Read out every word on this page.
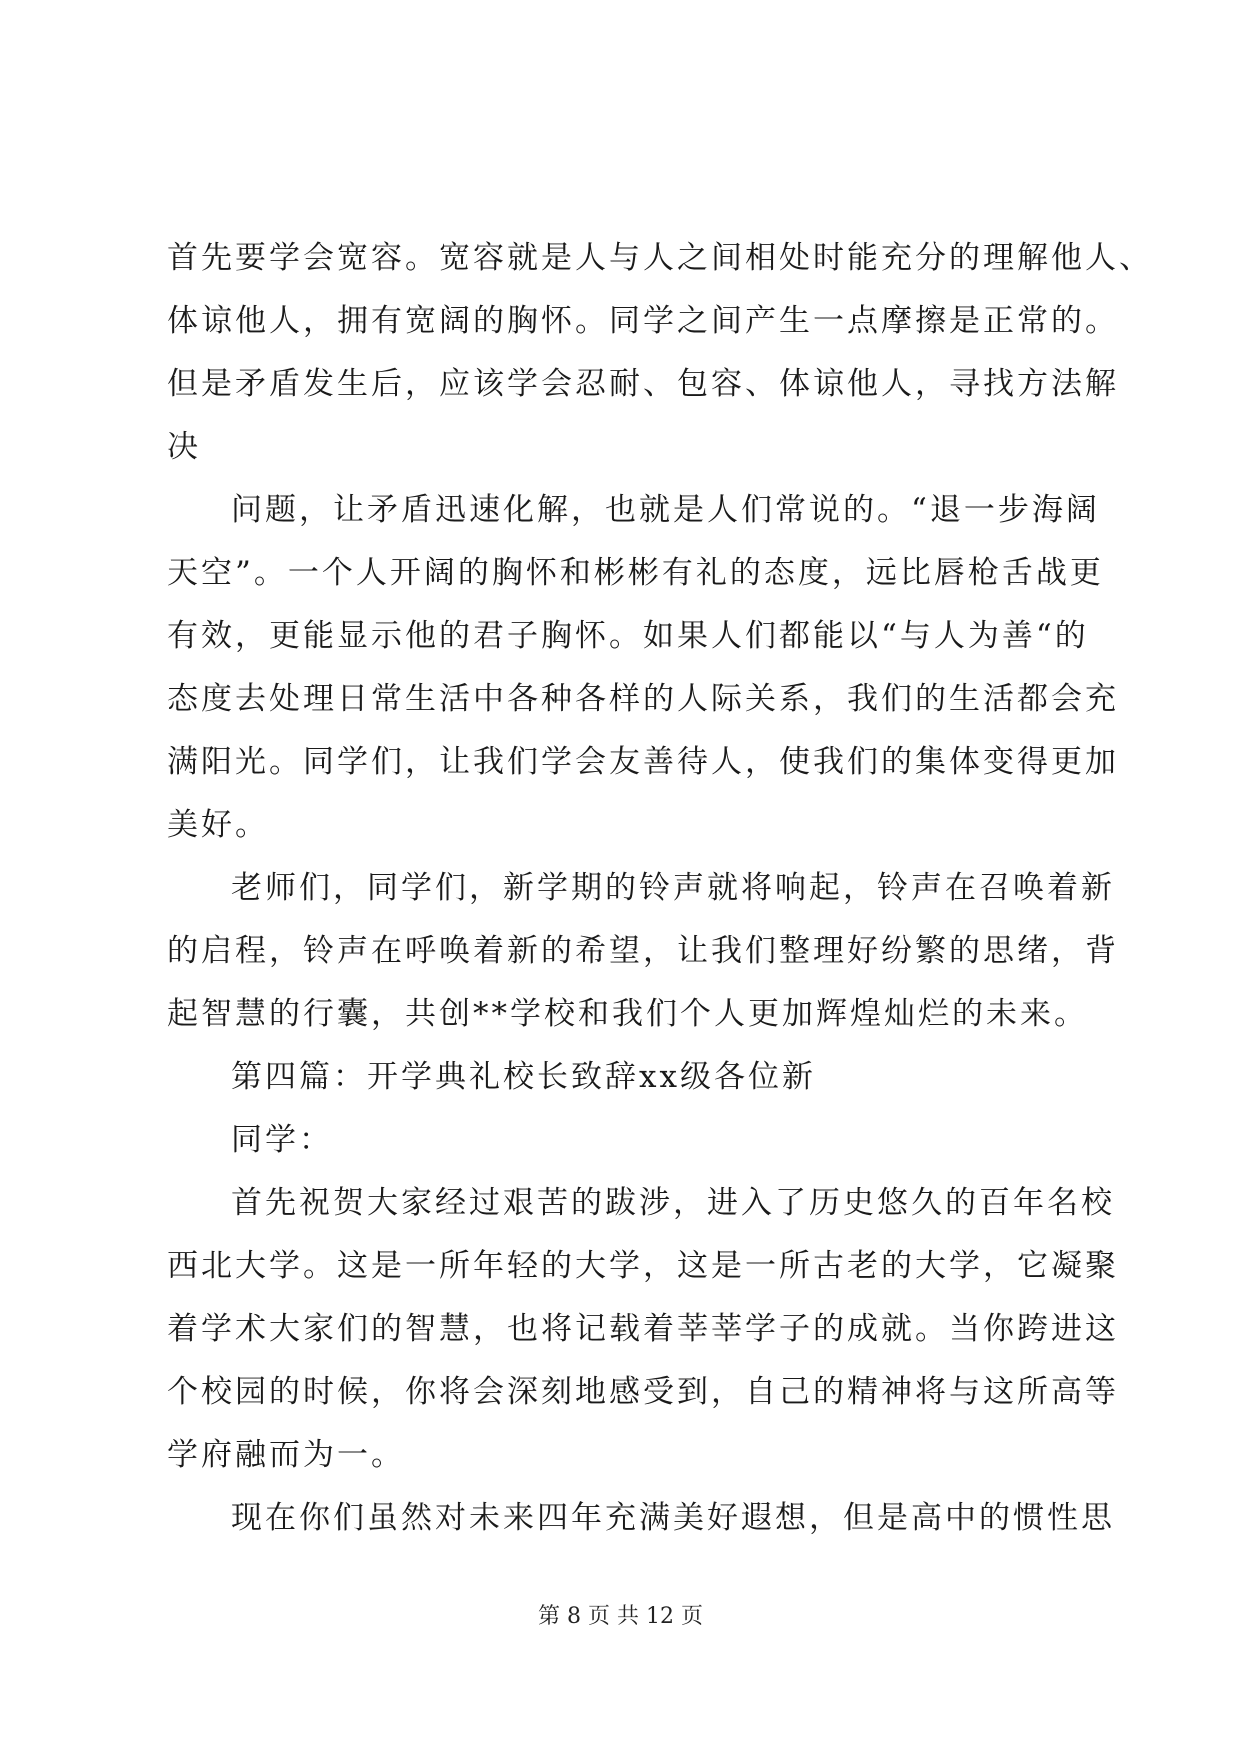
首先要学会宽容。宽容就是人与人之间相处时能充分的理解他人、
体谅他人，拥有宽阔的胸怀。同学之间产生一点摩擦是正常的。
但是矛盾发生后，应该学会忍耐、包容、体谅他人，寻找方法解
决
问题，让矛盾迅速化解，也就是人们常说的。“退一步海阔
天空”。一个人开阔的胸怀和彬彬有礼的态度，远比唇枪舌战更
有效，更能显示他的君子胸怀。如果人们都能以“与人为善“的
态度去处理日常生活中各种各样的人际关系，我们的生活都会充
满阳光。同学们，让我们学会友善待人，使我们的集体变得更加
美好。
老师们，同学们，新学期的铃声就将响起，铃声在召唤着新
的启程，铃声在呼唤着新的希望，让我们整理好纷繁的思绪，背
起智慧的行囊，共创**学校和我们个人更加辉煌灿烂的未来。
第四篇：开学典礼校长致辞xx级各位新
同学：
首先祝贺大家经过艰苦的跋涉，进入了历史悠久的百年名校
西北大学。这是一所年轻的大学，这是一所古老的大学，它凝聚
着学术大家们的智慧，也将记载着莘莘学子的成就。当你跨进这
个校园的时候，你将会深刻地感受到，自己的精神将与这所高等
学府融而为一。
现在你们虽然对未来四年充满美好遐想，但是高中的惯性思
第 8 页 共 12 页
